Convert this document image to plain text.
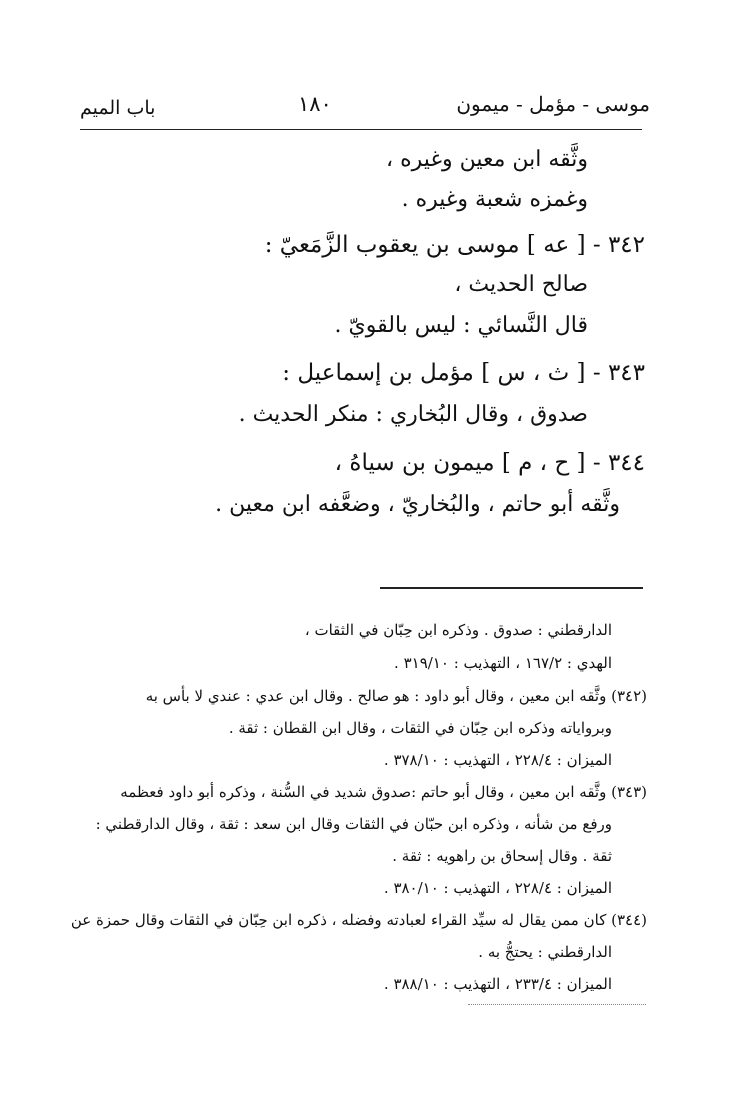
موسى - مؤمل - ميمون
١٨٠
باب الميم
وثَّقه ابن معين وغيره ،
وغمزه شعبة وغيره .
٣٤٢ - [ عه ] موسى بن يعقوب الزَّمَعيّ :
صالح الحديث ،
قال النَّسائي : ليس بالقويّ .
٣٤٣ - [ ث ، س ] مؤمل بن إسماعيل :
صدوق ، وقال البُخاري : منكر الحديث .
٣٤٤ - [ ح ، م ] ميمون بن سياهُ ،
وثَّقه أبو حاتم ، والبُخاريّ ، وضعَّفه ابن معين .
الدارقطني : صدوق . وذكره ابن حِبّان في الثقات ،
الهدي : ١٦٧/٢ ، التهذيب : ٣١٩/١٠ .
(٣٤٢) وثَّقه ابن معين ، وقال أبو داود : هو صالح . وقال ابن عدي : عندي لا بأس به
وبرواياته وذكره ابن حِبّان في الثقات ، وقال ابن القطان : ثقة .
الميزان : ٢٢٨/٤ ، التهذيب : ٣٧٨/١٠ .
(٣٤٣) وثَّقه ابن معين ، وقال أبو حاتم :صدوق شديد في السُّنة ، وذكره أبو داود فعظمه
ورفع من شأنه ، وذكره ابن حبّان في الثقات وقال ابن سعد : ثقة ، وقال الدارقطني :
ثقة . وقال إسحاق بن راهويه : ثقة .
الميزان : ٢٢٨/٤ ، التهذيب : ٣٨٠/١٠ .
(٣٤٤) كان ممن يقال له سيِّد القراء لعبادته وفضله ، ذكره ابن حِبّان في الثقات وقال حمزة عن
الدارقطني : يحتجُّ به .
الميزان : ٢٣٣/٤ ، التهذيب : ٣٨٨/١٠ .
